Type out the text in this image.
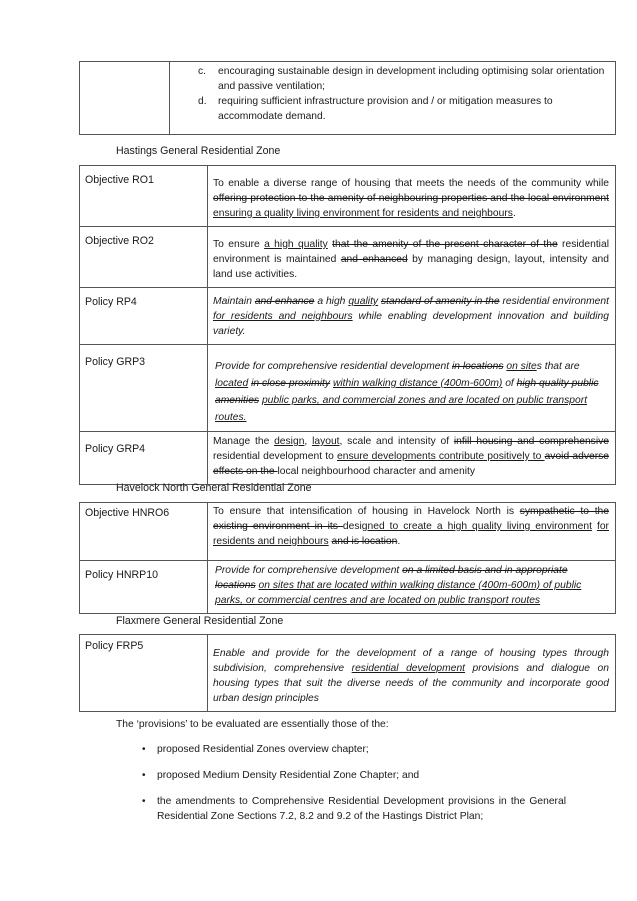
c. encouraging sustainable design in development including optimising solar orientation and passive ventilation;
d. requiring sufficient infrastructure provision and / or mitigation measures to accommodate demand.

Hastings General Residential Zone

Objective RO1	To enable a diverse range of housing that meets the needs of the community while offering protection to the amenity of neighbouring properties and the local environment ensuring a quality living environment for residents and neighbours.
Objective RO2	To ensure a high quality that the amenity of the present character of the residential environment is maintained and enhanced by managing design, layout, intensity and land use activities.
Policy RP4	Maintain and enhance a high quality standard of amenity in the residential environment for residents and neighbours while enabling development innovation and building variety.
Policy GRP3	Provide for comprehensive residential development in locations on sites that are located in close proximity within walking distance (400m-600m) of high quality public amenities public parks, and commercial zones and are located on public transport routes.
Policy GRP4	Manage the design, layout, scale and intensity of infill housing and comprehensive residential development to ensure developments contribute positively to avoid adverse effects on the local neighbourhood character and amenity

Havelock North General Residential Zone

Objective HNRO6	To ensure that intensification of housing in Havelock North is sympathetic to the existing environment in its designed to create a high quality living environment for residents and neighbours and is location.
Policy HNRP10	Provide for comprehensive development on a limited basis and in appropriate locations on sites that are located within walking distance (400m-600m) of public parks, or commercial centres and are located on public transport routes

Flaxmere General Residential Zone

Policy FRP5	Enable and provide for the development of a range of housing types through subdivision, comprehensive residential development provisions and dialogue on housing types that suit the diverse needs of the community and incorporate good urban design principles

The ‘provisions’ to be evaluated are essentially those of the:

• proposed Residential Zones overview chapter;
• proposed Medium Density Residential Zone Chapter; and
• the amendments to Comprehensive Residential Development provisions in the General Residential Zone Sections 7.2, 8.2 and 9.2 of the Hastings District Plan;
